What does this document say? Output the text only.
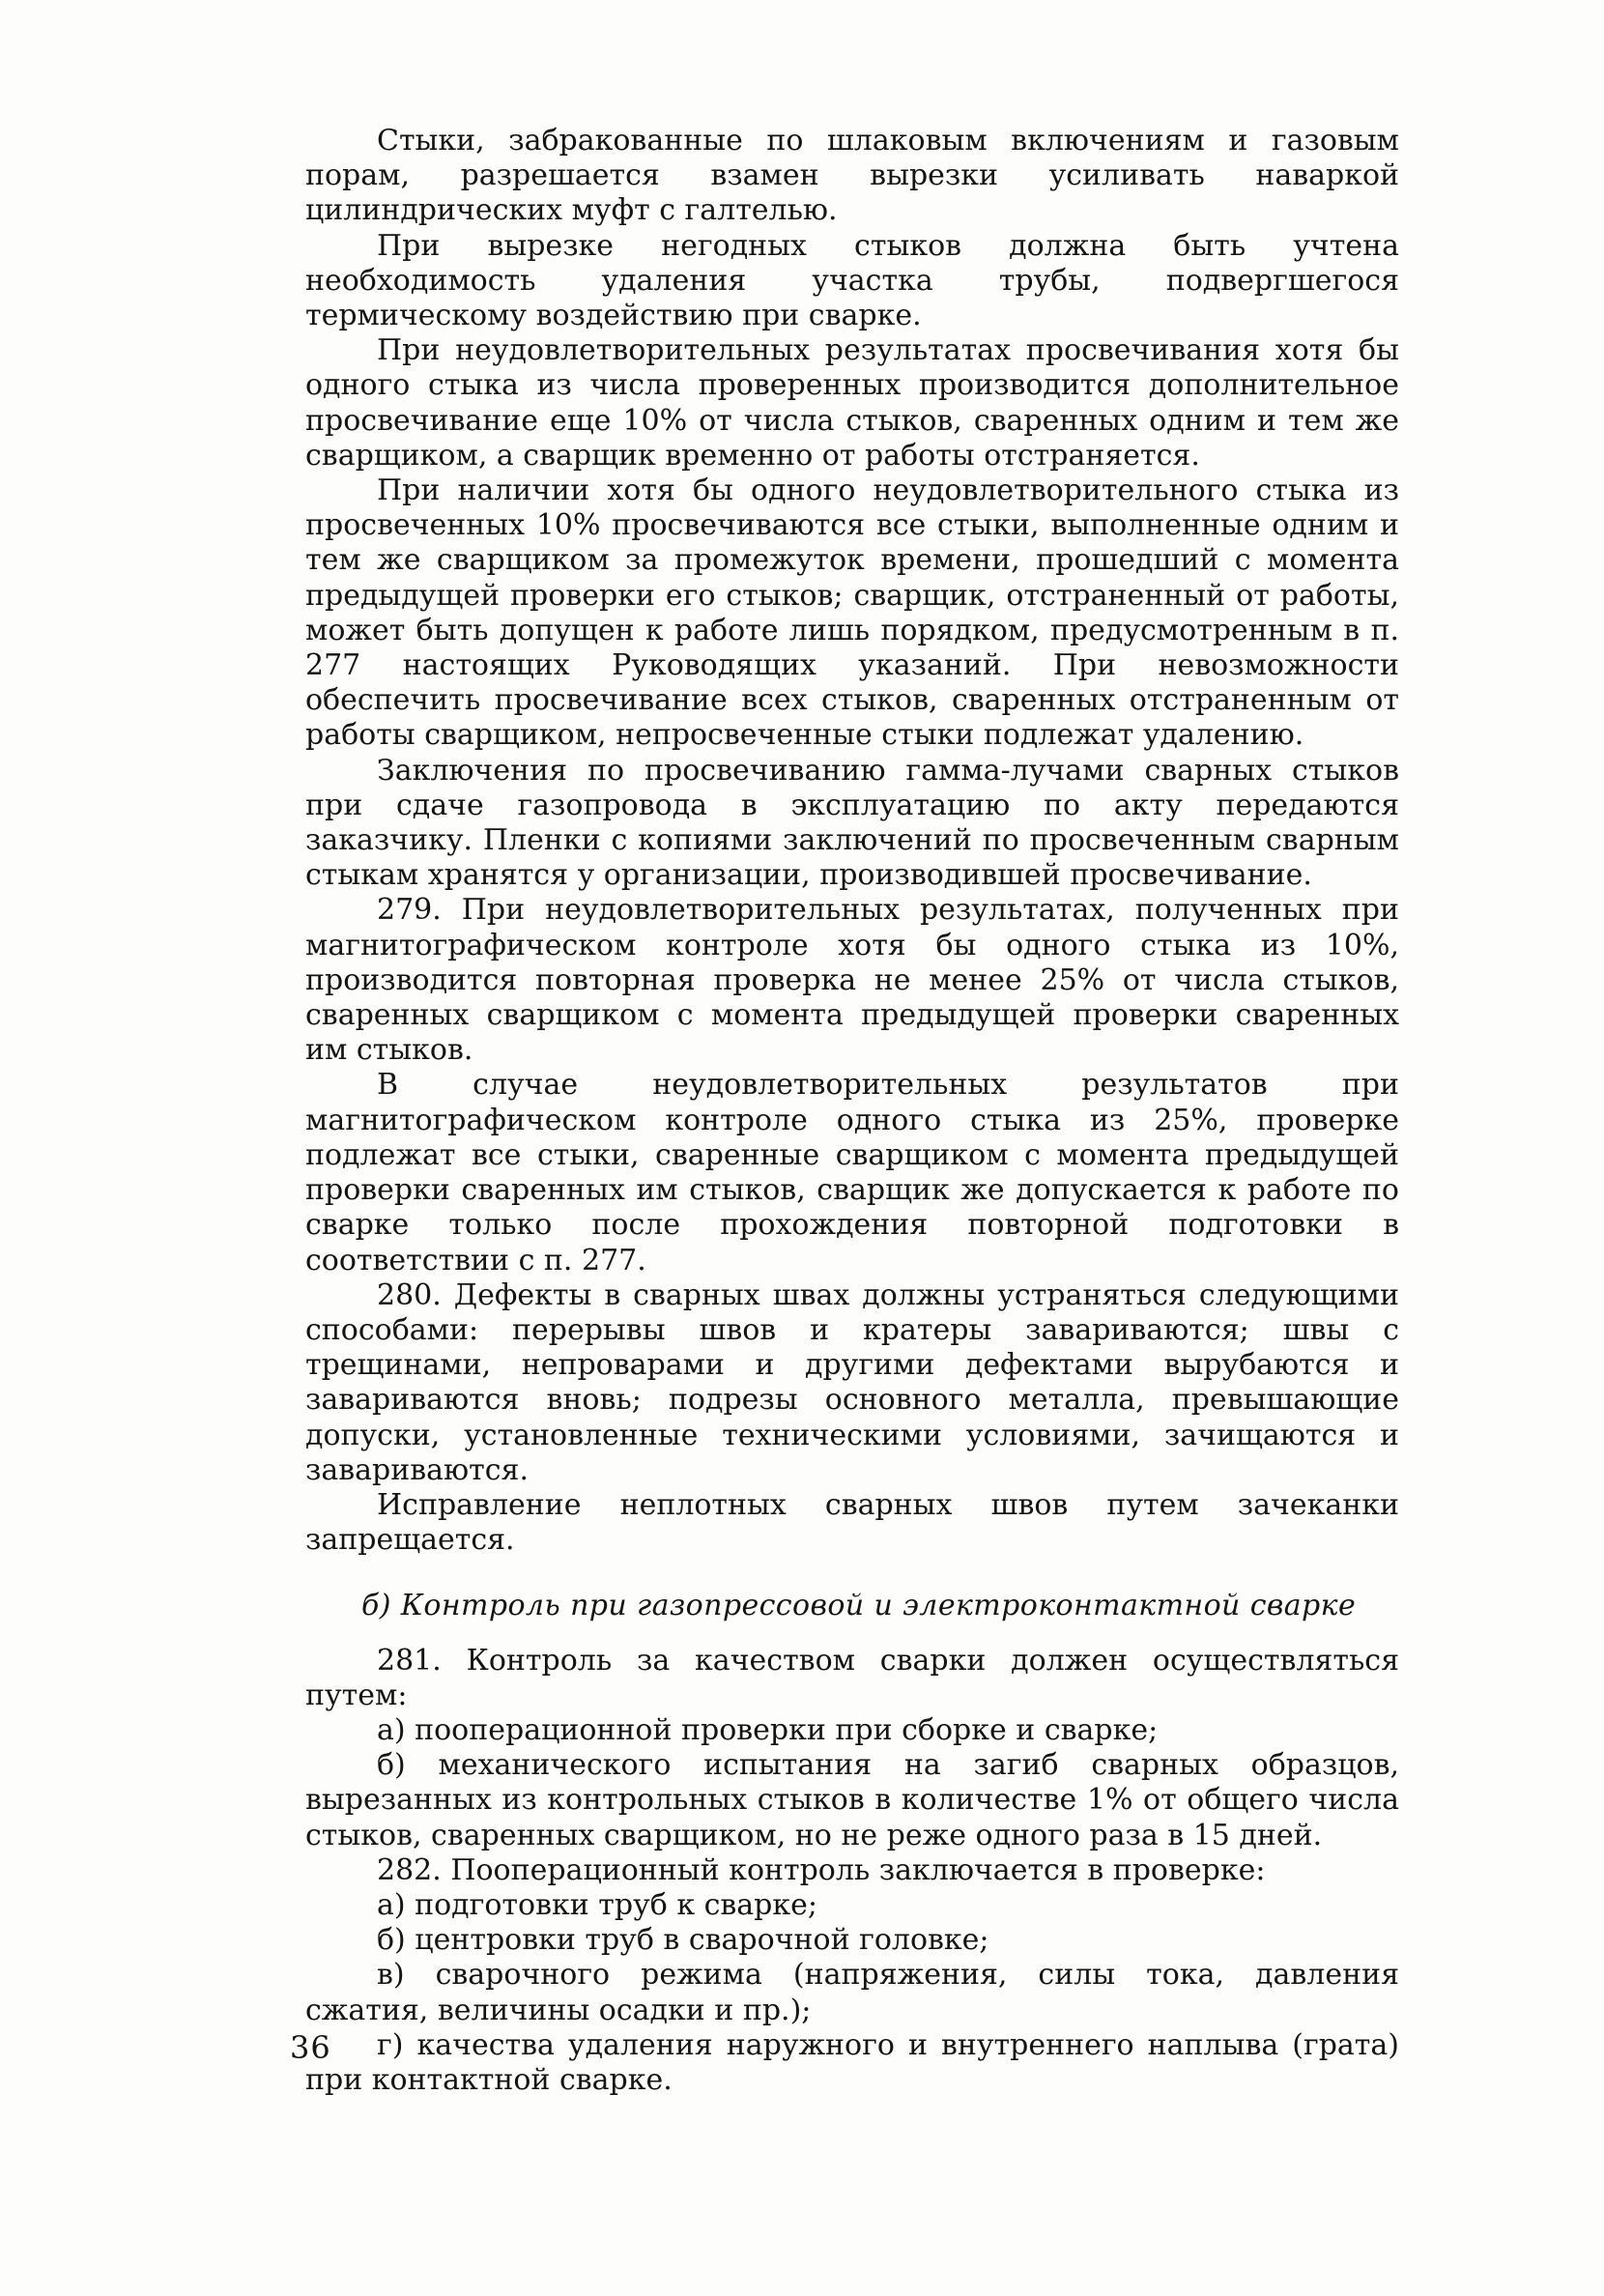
Стыки, забракованные по шлаковым включениям и газовым порам, разрешается взамен вырезки усиливать наваркой цилиндрических муфт с галтелью.

При вырезке негодных стыков должна быть учтена необходимость удаления участка трубы, подвергшегося термическому воздействию при сварке.

При неудовлетворительных результатах просвечивания хотя бы одного стыка из числа проверенных производится дополнительное просвечивание еще 10% от числа стыков, сваренных одним и тем же сварщиком, а сварщик временно от работы отстраняется.

При наличии хотя бы одного неудовлетворительного стыка из просвеченных 10% просвечиваются все стыки, выполненные одним и тем же сварщиком за промежуток времени, прошедший с момента предыдущей проверки его стыков; сварщик, отстраненный от работы, может быть допущен к работе лишь порядком, предусмотренным в п. 277 настоящих Руководящих указаний. При невозможности обеспечить просвечивание всех стыков, сваренных отстраненным от работы сварщиком, непросвеченные стыки подлежат удалению.

Заключения по просвечиванию гамма-лучами сварных стыков при сдаче газопровода в эксплуатацию по акту передаются заказчику. Пленки с копиями заключений по просвеченным сварным стыкам хранятся у организации, производившей просвечивание.

279. При неудовлетворительных результатах, полученных при магнитографическом контроле хотя бы одного стыка из 10%, производится повторная проверка не менее 25% от числа стыков, сваренных сварщиком с момента предыдущей проверки сваренных им стыков.

В случае неудовлетворительных результатов при магнитографическом контроле одного стыка из 25%, проверке подлежат все стыки, сваренные сварщиком с момента предыдущей проверки сваренных им стыков, сварщик же допускается к работе по сварке только после прохождения повторной подготовки в соответствии с п. 277.

280. Дефекты в сварных швах должны устраняться следующими способами: перерывы швов и кратеры завариваются; швы с трещинами, непроварами и другими дефектами вырубаются и завариваются вновь; подрезы основного металла, превышающие допуски, установленные техническими условиями, зачищаются и завариваются.

Исправление неплотных сварных швов путем зачеканки запрещается.

б) Контроль при газопрессовой и электроконтактной сварке

281. Контроль за качеством сварки должен осуществляться путем:

а) пооперационной проверки при сборке и сварке;

б) механического испытания на загиб сварных образцов, вырезанных из контрольных стыков в количестве 1% от общего числа стыков, сваренных сварщиком, но не реже одного раза в 15 дней.

282. Пооперационный контроль заключается в проверке:

а) подготовки труб к сварке;

б) центровки труб в сварочной головке;

в) сварочного режима (напряжения, силы тока, давления сжатия, величины осадки и пр.);

г) качества удаления наружного и внутреннего наплыва (грата) при контактной сварке.

36
